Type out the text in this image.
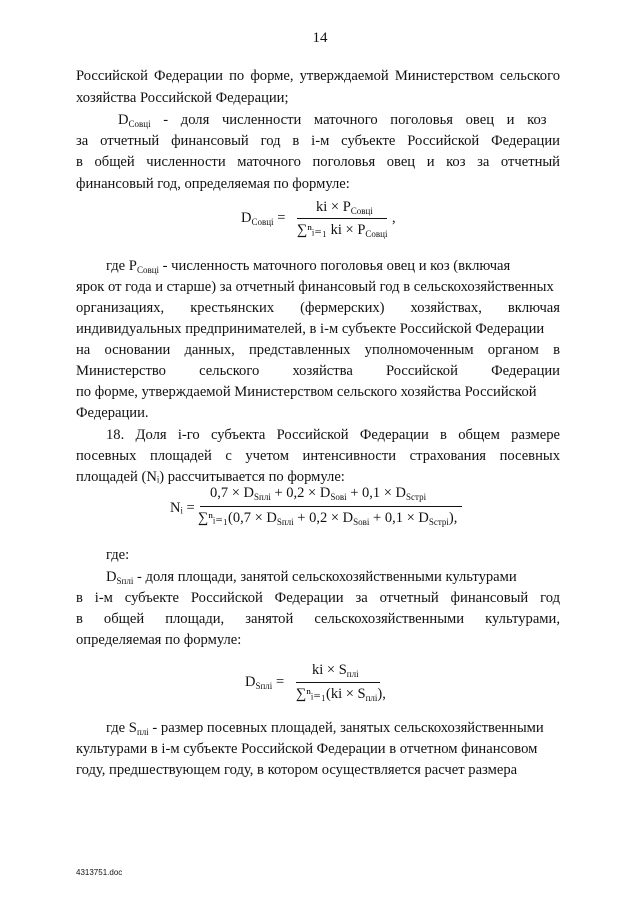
14
Российской Федерации по форме, утверждаемой Министерством сельского
хозяйства Российской Федерации;
$D_{Совці}$ - доля численности маточного поголовья овец и коз
за отчетный финансовый год в і-м субъекте Российской Федерации
в общей численности маточного поголовья овец и коз за отчетный
финансовый год, определяемая по формуле:
$D_{Совці}$ =
ki × $P_{Совці}$
∑ⁿᵢ₌₁ ki × $P_{Совці}$
,
где $P_{Совці}$ - численность маточного поголовья овец и коз (включая
ярок от года и старше) за отчетный финансовый год в сельскохозяйственных
организациях, крестьянских (фермерских) хозяйствах, включая
индивидуальных предпринимателей, в і-м субъекте Российской Федерации
на основании данных, представленных уполномоченным органом в
Министерство сельского хозяйства Российской Федерации
по форме, утверждаемой Министерством сельского хозяйства Российской
Федерации.
18. Доля і-го субъекта Российской Федерации в общем размере
посевных площадей с учетом интенсивности страхования посевных
площадей (Nᵢ) рассчитывается по формуле:
Nᵢ =
$0,7 \times D_{Sплі} + 0,2 \times D_{Sові} + 0,1 \times D_{Sстрі}$
∑ⁿᵢ₌₁(0,7 × $D_{Sплі} + 0,2 \times D_{Sові} + 0,1 \times D_{Sстрі}$),
где:
$D_{Sплі}$ - доля площади, занятой сельскохозяйственными культурами
в і-м субъекте Российской Федерации за отчетный финансовый год
в общей площади, занятой сельскохозяйственными культурами,
определяемая по формуле:
$D_{Sплі}$ =
ki × $S_{плі}$
∑ⁿᵢ₌₁(ki × $S_{плі}$),
где $S_{плі}$ - размер посевных площадей, занятых сельскохозяйственными
культурами в і-м субъекте Российской Федерации в отчетном финансовом
году, предшествующем году, в котором осуществляется расчет размера
4313751.doc
